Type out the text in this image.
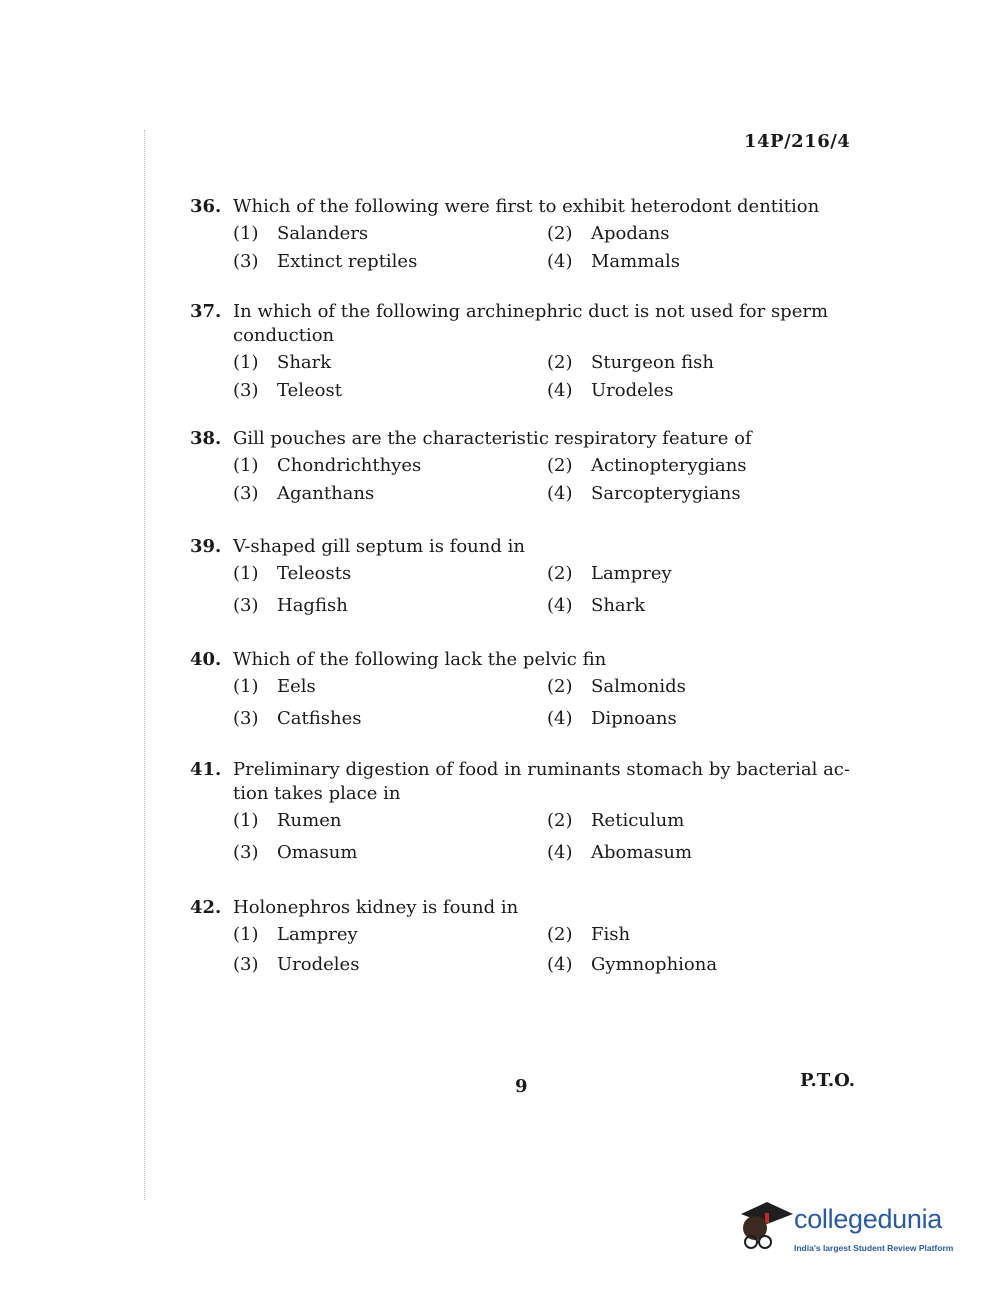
14P/216/4
36. Which of the following were first to exhibit heterodont dentition
(1)	Salanders	(2)	Apodans
(3)	Extinct reptiles	(4)	Mammals
37. In which of the following archinephric duct is not used for sperm conduction
(1)	Shark	(2)	Sturgeon fish
(3)	Teleost	(4)	Urodeles
38. Gill pouches are the characteristic respiratory feature of
(1)	Chondrichthyes	(2)	Actinopterygians
(3)	Aganthans	(4)	Sarcopterygians
39. V-shaped gill septum is found in
(1)	Teleosts	(2)	Lamprey
(3)	Hagfish	(4)	Shark
40. Which of the following lack the pelvic fin
(1)	Eels	(2)	Salmonids
(3)	Catfishes	(4)	Dipnoans
41. Preliminary digestion of food in ruminants stomach by bacterial ac-tion takes place in
(1)	Rumen	(2)	Reticulum
(3)	Omasum	(4)	Abomasum
42. Holonephros kidney is found in
(1)	Lamprey	(2)	Fish
(3)	Urodeles	(4)	Gymnophiona
9	P.T.O.
collegedunia
India's largest Student Review Platform
